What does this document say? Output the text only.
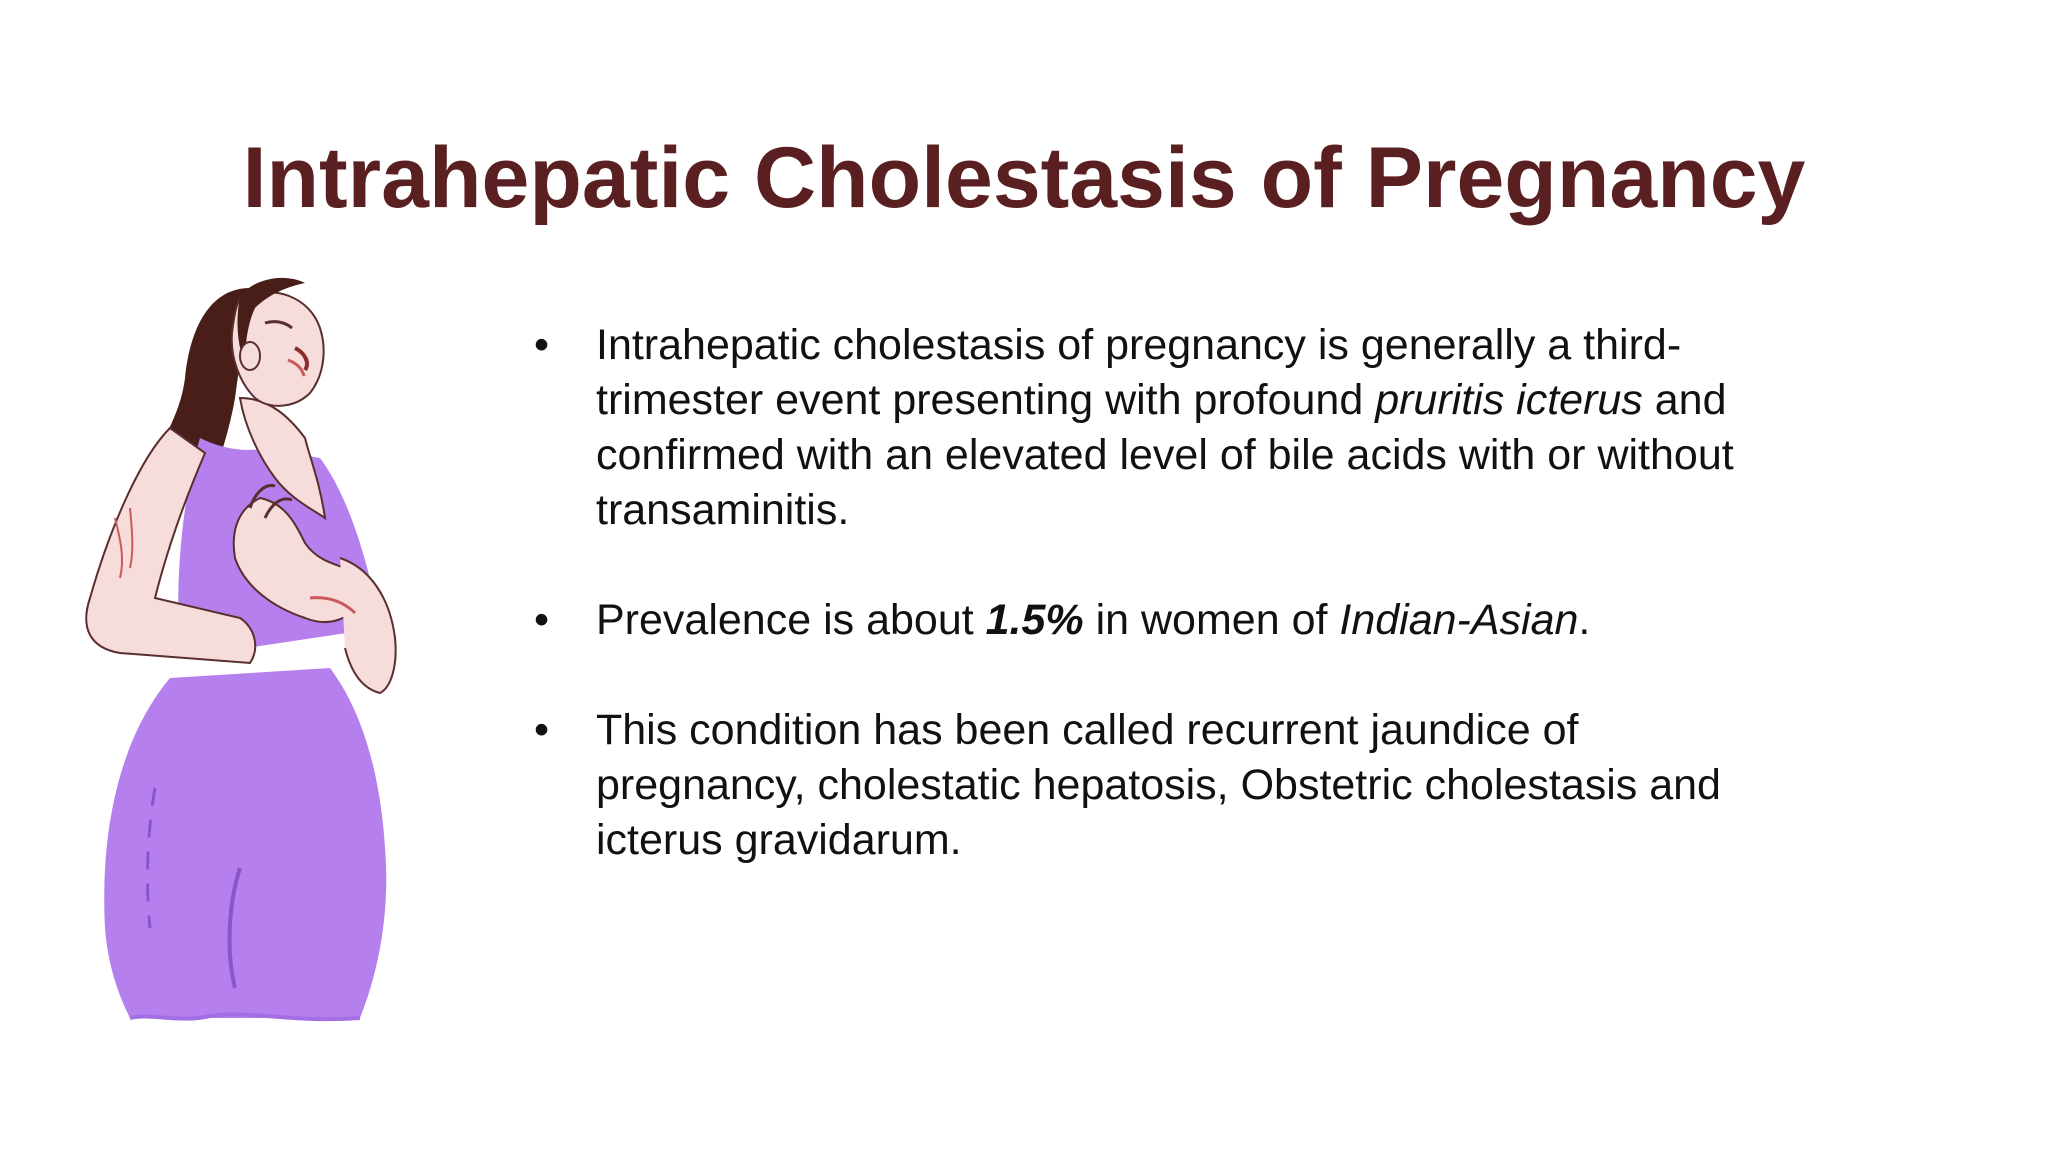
Intrahepatic Cholestasis of Pregnancy
• Intrahepatic cholestasis of pregnancy is generally a third-trimester event presenting with profound pruritis icterus and confirmed with an elevated level of bile acids with or without transaminitis.
• Prevalence is about 1.5% in women of Indian-Asian.
• This condition has been called recurrent jaundice of pregnancy, cholestatic hepatosis, Obstetric cholestasis and icterus gravidarum.
